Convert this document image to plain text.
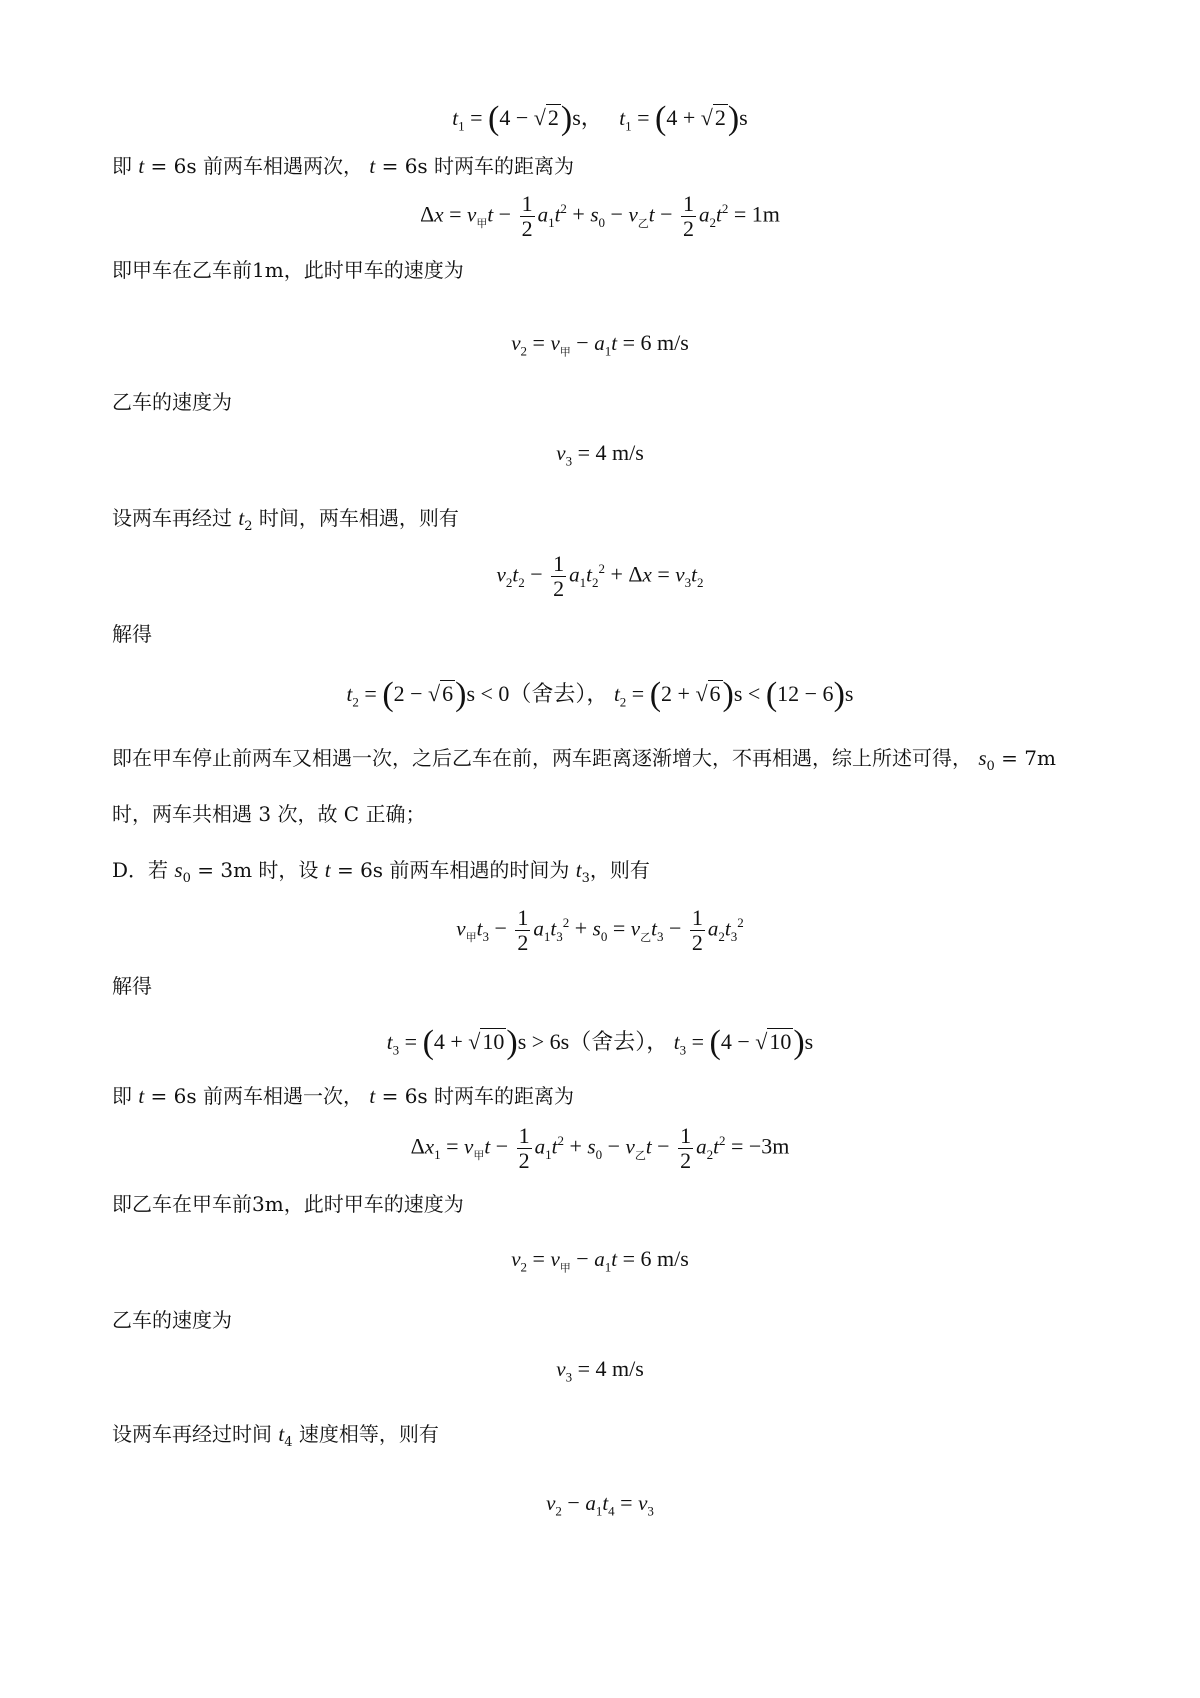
$t_1 = (4 - √2)s$，   $t_1 = (4 + √2)s$
即 t = 6s 前两车相遇两次， t = 6s 时两车的距离为
$\Delta x = v_甲t - \frac{1}{2} a_1t^2 + s_0 - v_乙t - \frac{1}{2} a_2t^2 = 1m$
即甲车在乙车前1m，此时甲车的速度为
$v_2 = v_甲 - a_1t = 6$ m/s
乙车的速度为
$v_3 = 4$ m/s
设两车再经过 $t_2$ 时间，两车相遇，则有
$v_2t_2 - \frac{1}{2} a_1t_2^2 + \Delta x = v_3t_2$
解得
$t_2 = (2 - √6)s < 0$（舍去）， $t_2 = (2 + √6)s < (12 - 6)s$
即在甲车停止前两车又相遇一次，之后乙车在前，两车距离逐渐增大，不再相遇，综上所述可得， $s_0 = 7m$
时，两车共相遇 3 次，故 C 正确；
D．若 $s_0 = 3m$ 时，设 t = 6s 前两车相遇的时间为 $t_3$，则有
$v_甲t_3 - \frac{1}{2} a_1t_3^2 + s_0 = v_乙t_3 - \frac{1}{2} a_2t_3^2$
解得
$t_3 = (4 + √10)s > 6s$（舍去）， $t_3 = (4 - √10)s$
即 t = 6s 前两车相遇一次， t = 6s 时两车的距离为
$\Delta x_1 = v_甲t - \frac{1}{2} a_1t^2 + s_0 - v_乙t - \frac{1}{2} a_2t^2 = -3m$
即乙车在甲车前3m，此时甲车的速度为
$v_2 = v_甲 - a_1t = 6$ m/s
乙车的速度为
$v_3 = 4$ m/s
设两车再经过时间 $t_4$ 速度相等，则有
$v_2 - a_1t_4 = v_3$
